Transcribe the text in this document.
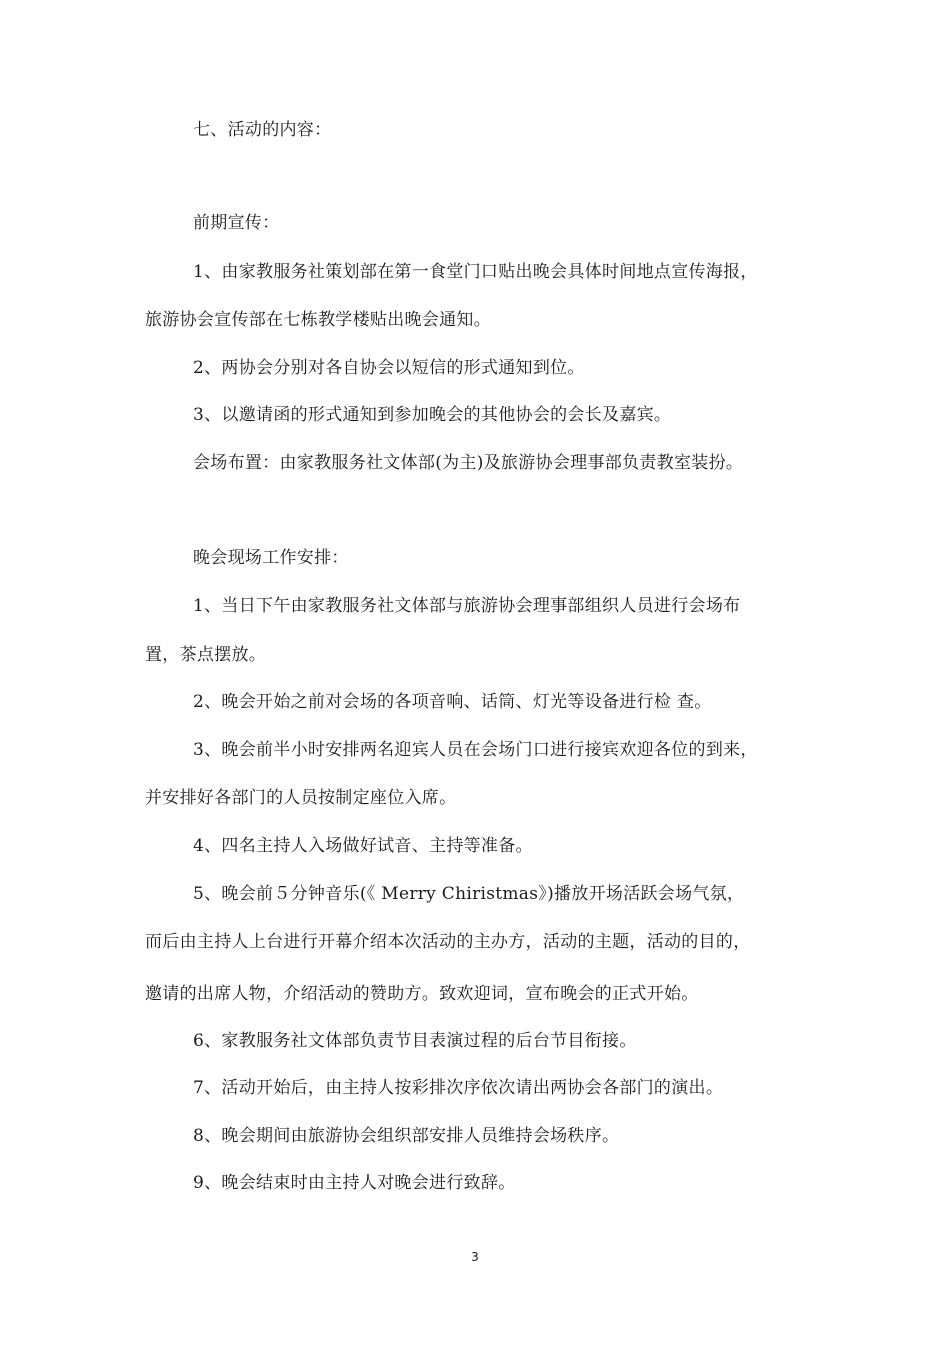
七、活动的内容：
前期宣传：
1、由家教服务社策划部在第一食堂门口贴出晚会具体时间地点宣传海报，
旅游协会宣传部在七栋教学楼贴出晚会通知。
2、两协会分别对各自协会以短信的形式通知到位。
3、以邀请函的形式通知到参加晚会的其他协会的会长及嘉宾。
会场布置：由家教服务社文体部(为主)及旅游协会理事部负责教室装扮。
晚会现场工作安排：
1、当日下午由家教服务社文体部与旅游协会理事部组织人员进行会场布
置，茶点摆放。
2、晚会开始之前对会场的各项音响、话筒、灯光等设备进行检 查。
3、晚会前半小时安排两名迎宾人员在会场门口进行接宾欢迎各位的到来，
并安排好各部门的人员按制定座位入席。
4、四名主持人入场做好试音、主持等准备。
5、晚会前５分钟音乐(《 Merry Chiristmas》)播放开场活跃会场气氛，
而后由主持人上台进行开幕介绍本次活动的主办方，活动的主题，活动的目的，
邀请的出席人物，介绍活动的赞助方。致欢迎词，宣布晚会的正式开始。
6、家教服务社文体部负责节目表演过程的后台节目衔接。
7、活动开始后，由主持人按彩排次序依次请出两协会各部门的演出。
8、晚会期间由旅游协会组织部安排人员维持会场秩序。
9、晚会结束时由主持人对晚会进行致辞。
3
